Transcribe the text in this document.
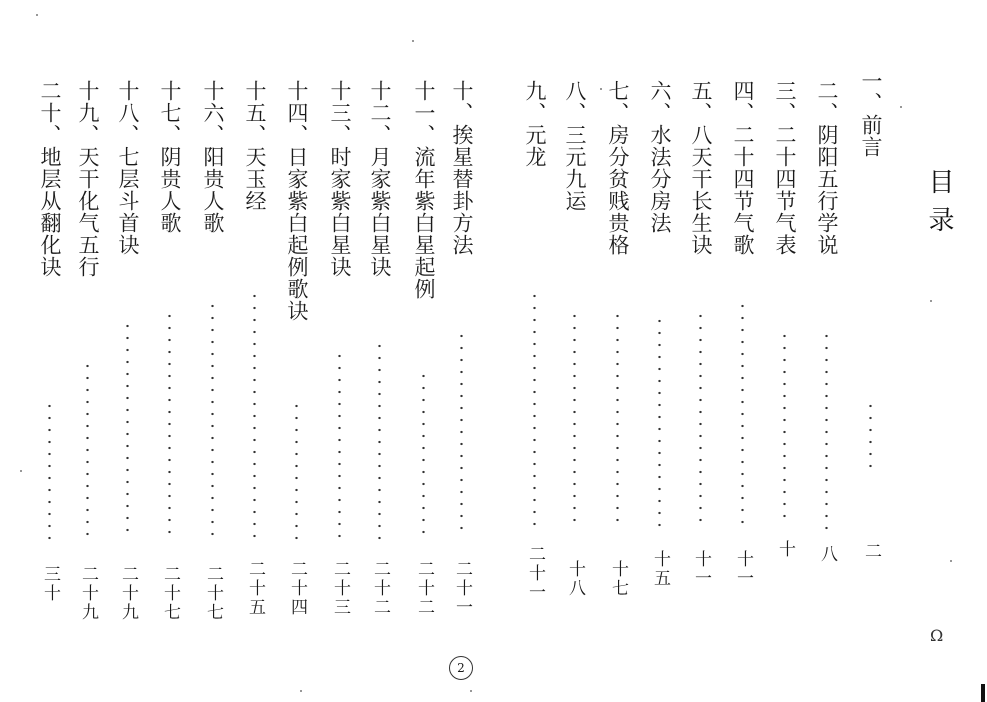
目录
一、前言
二
二、阴阳五行学说
八
三、二十四节气表
十
四、二十四节气歌
十一
五、八天干长生诀
十一
六、水法分房法
十五
七、房分贫贱贵格
十七
八、三元九运
十八
九、元龙
二十一
十、挨星替卦方法
二十一
十一、流年紫白星起例
二十二
十二、月家紫白星诀
二十二
十三、时家紫白星诀
二十三
十四、日家紫白起例歌诀
二十四
十五、天玉经
二十五
十六、阳贵人歌
二十七
十七、阴贵人歌
二十七
十八、七层斗首诀
二十九
十九、天干化气五行
二十九
二十、地层从翻化诀
三十
2
Ω
